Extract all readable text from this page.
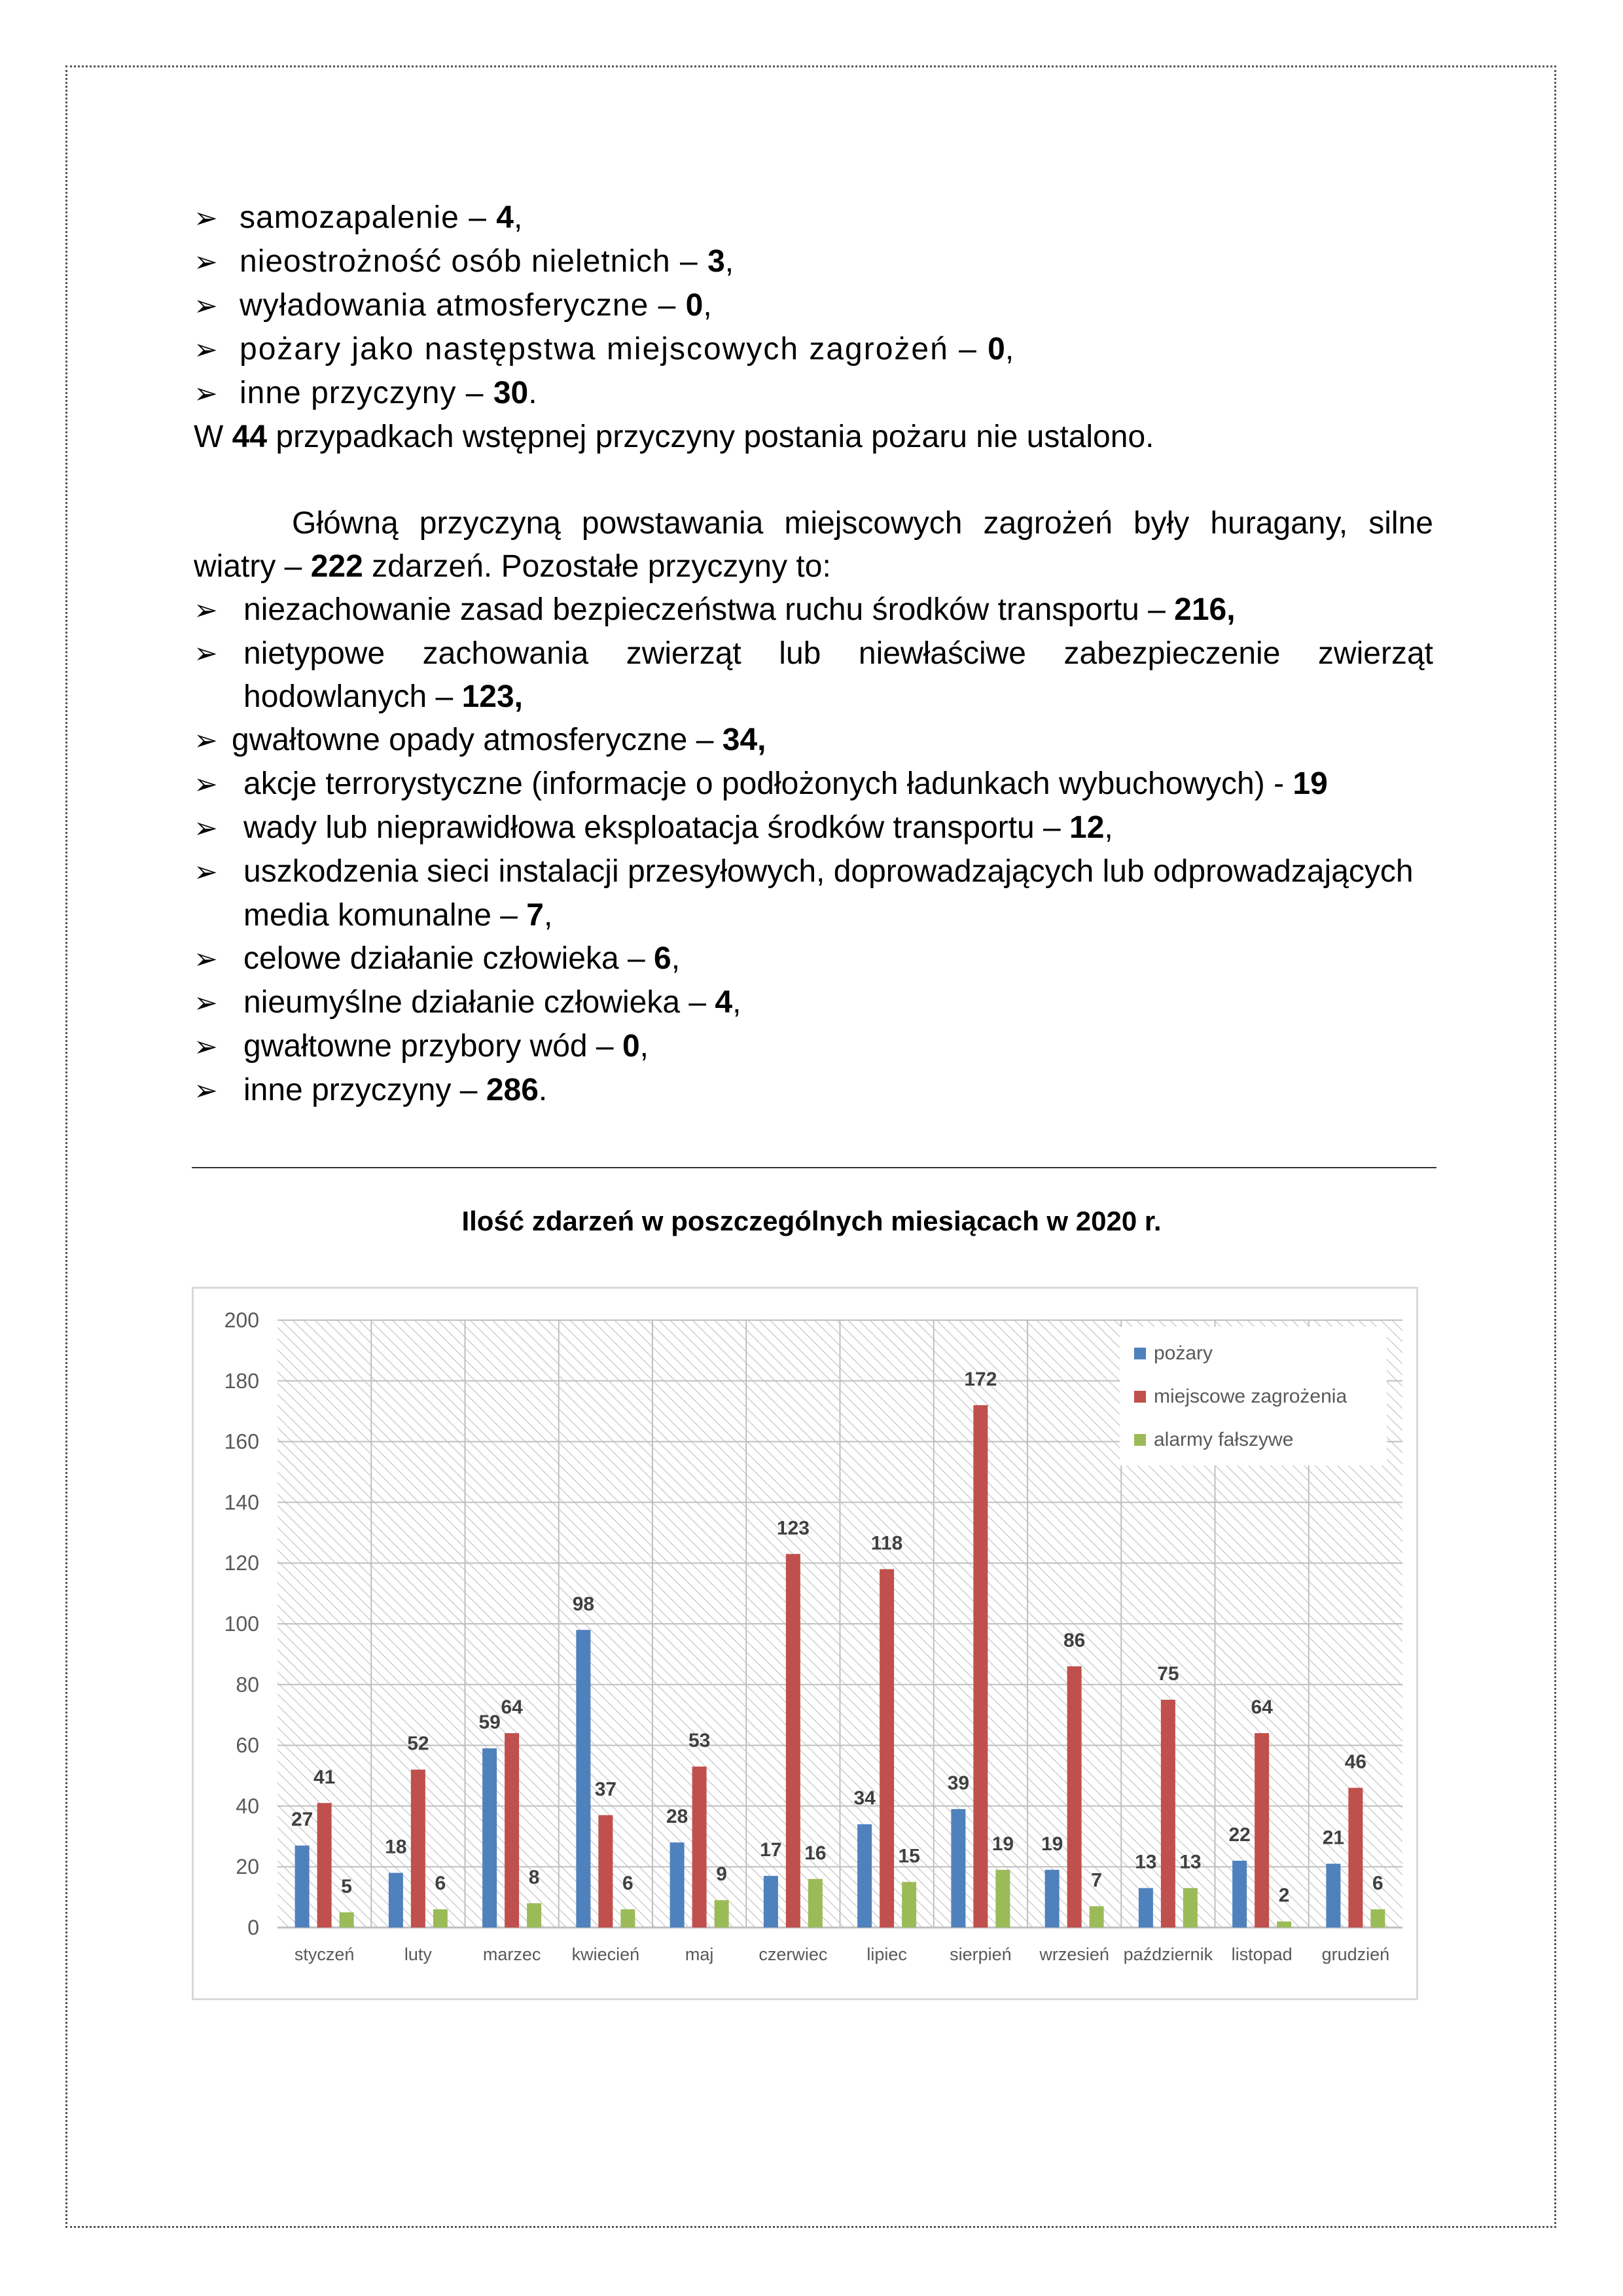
➢ samozapalenie – 4,
➢ nieostrożność osób nieletnich – 3,
➢ wyładowania atmosferyczne – 0,
➢ pożary jako następstwa miejscowych zagrożeń – 0,
➢ inne przyczyny – 30.
W 44 przypadkach wstępnej przyczyny postania pożaru nie ustalono.
Główną przyczyną powstawania miejscowych zagrożeń były huragany, silne
wiatry – 222 zdarzeń. Pozostałe przyczyny to:
➢ niezachowanie zasad bezpieczeństwa ruchu środków transportu – 216,
➢ nietypowe zachowania zwierząt lub niewłaściwe zabezpieczenie zwierząt
hodowlanych – 123,
➢ gwałtowne opady atmosferyczne – 34,
➢ akcje terrorystyczne (informacje o podłożonych ładunkach wybuchowych) - 19
➢ wady lub nieprawidłowa eksploatacja środków transportu – 12,
➢ uszkodzenia sieci instalacji przesyłowych, doprowadzających lub odprowadzających
media komunalne – 7,
➢ celowe działanie człowieka – 6,
➢ nieumyślne działanie człowieka – 4,
➢ gwałtowne przybory wód – 0,
➢ inne przyczyny – 286.
Ilość zdarzeń w poszczególnych miesiącach w 2020 r.
0
20
40
60
80
100
120
140
160
180
200
styczeń	luty	marzec kwiecień	maj	czerwiec lipiec sierpień wrzesień październik listopad grudzień
27
41
5
18
52
6
59
64
8
98
37
6
28
53
9
17
123
16
34
118
15
39
172
19 19
86
7
13
75
13
22
64
2
21
46
6
pożary
miejscowe zagrożenia
alarmy fałszywe
